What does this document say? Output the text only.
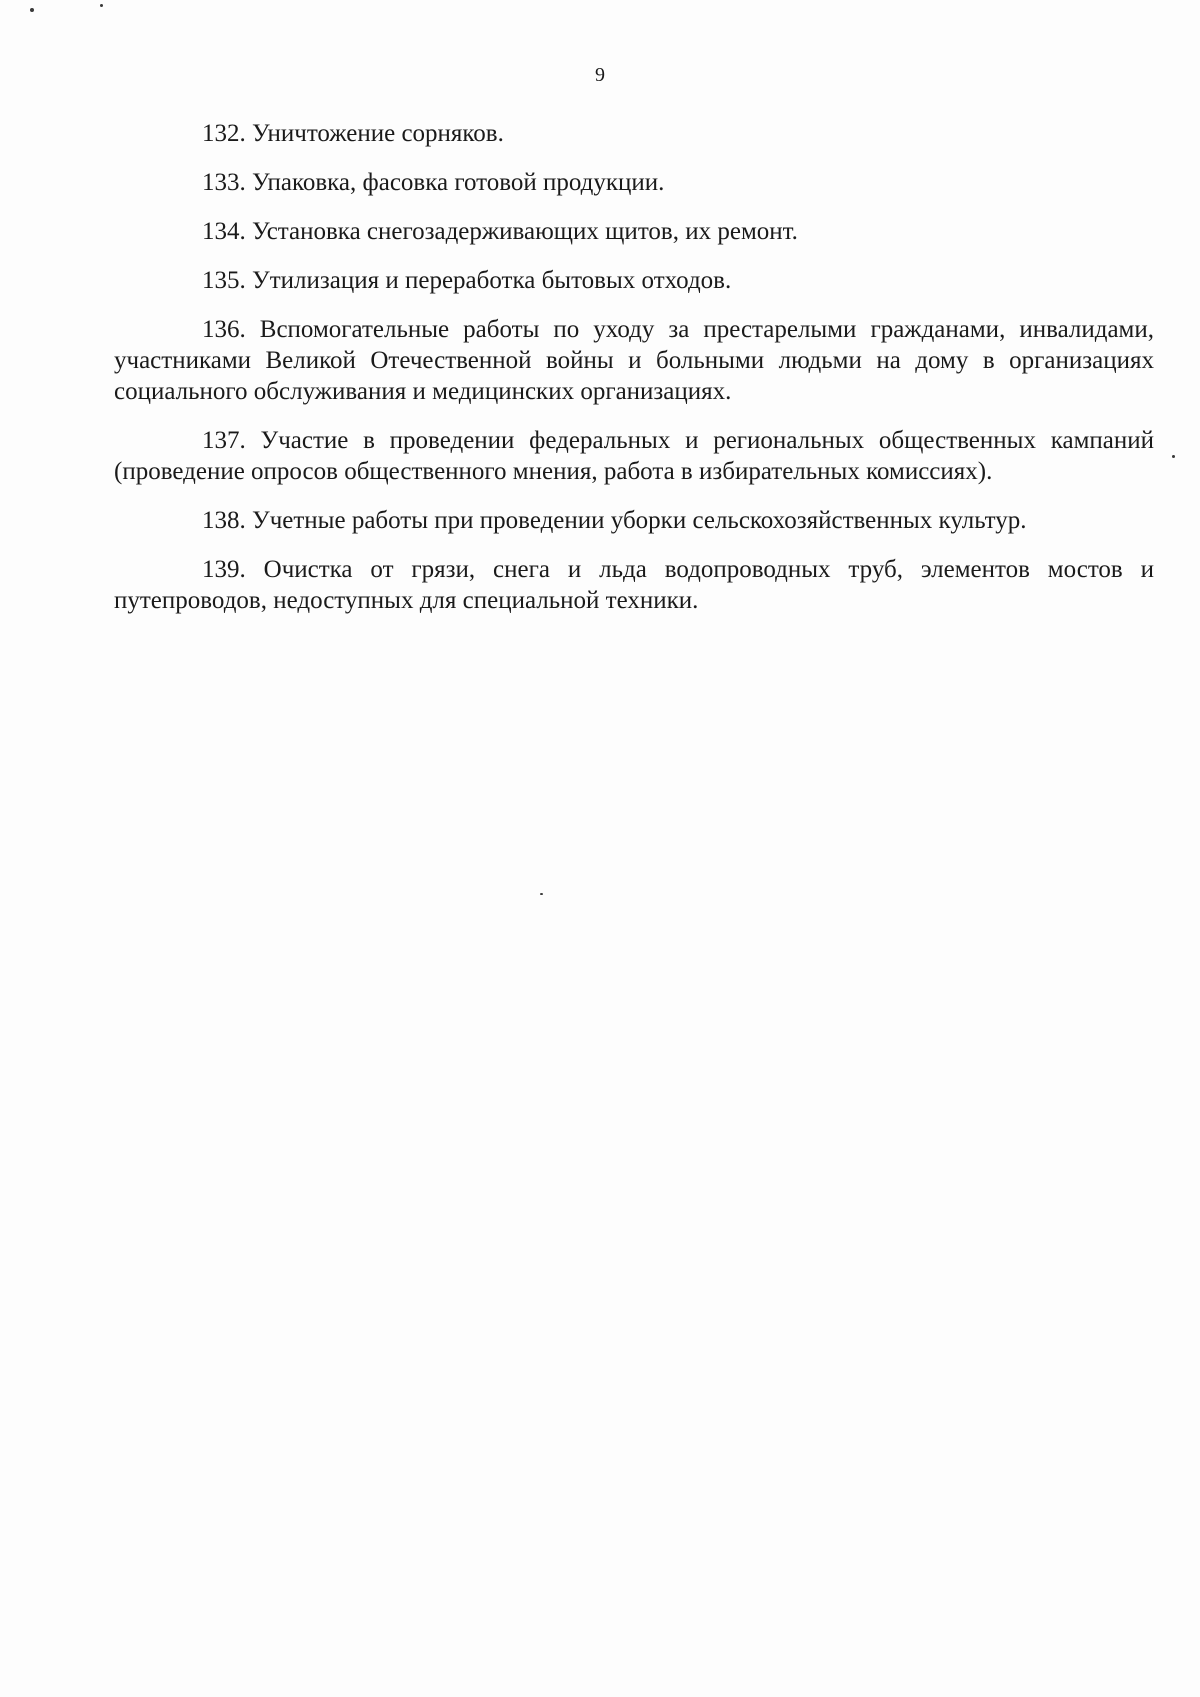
9

132. Уничтожение сорняков.

133. Упаковка, фасовка готовой продукции.

134. Установка снегозадерживающих щитов, их ремонт.

135. Утилизация и переработка бытовых отходов.

136. Вспомогательные работы по уходу за престарелыми гражданами, инвалидами, участниками Великой Отечественной войны и больными людьми на дому в организациях социального обслуживания и медицинских организациях.

137. Участие в проведении федеральных и региональных общественных кампаний (проведение опросов общественного мнения, работа в избирательных комиссиях).

138. Учетные работы при проведении уборки сельскохозяйственных культур.

139. Очистка от грязи, снега и льда водопроводных труб, элементов мостов и путепроводов, недоступных для специальной техники.
